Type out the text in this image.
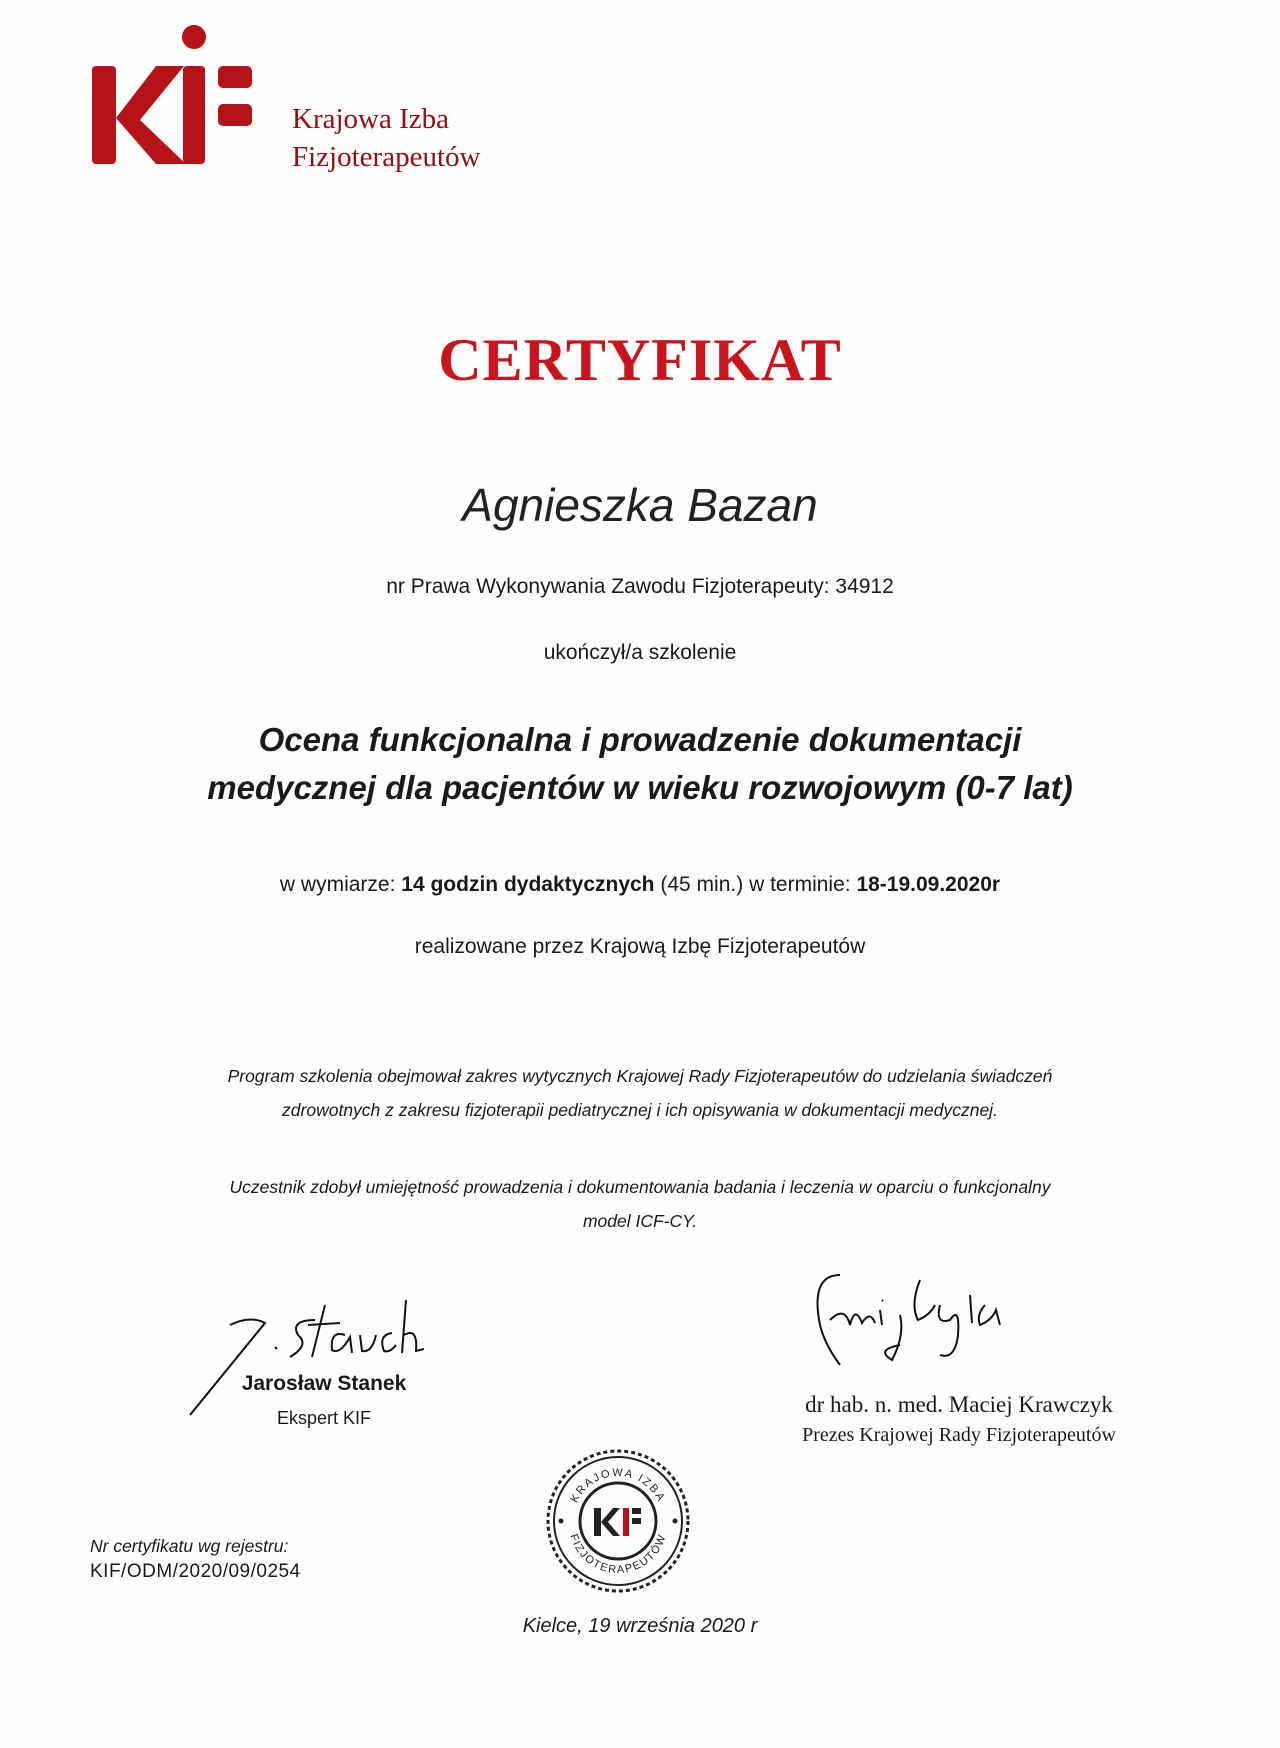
Krajowa Izba
Fizjoterapeutów
CERTYFIKAT
Agnieszka Bazan
nr Prawa Wykonywania Zawodu Fizjoterapeuty: 34912
ukończył/a szkolenie
Ocena funkcjonalna i prowadzenie dokumentacji
medycznej dla pacjentów w wieku rozwojowym (0-7 lat)
w wymiarze: 14 godzin dydaktycznych (45 min.) w terminie: 18-19.09.2020r
realizowane przez Krajową Izbę Fizjoterapeutów
Program szkolenia obejmował zakres wytycznych Krajowej Rady Fizjoterapeutów do udzielania świadczeń
zdrowotnych z zakresu fizjoterapii pediatrycznej i ich opisywania w dokumentacji medycznej.
Uczestnik zdobył umiejętność prowadzenia i dokumentowania badania i leczenia w oparciu o funkcjonalny
model ICF-CY.
Jarosław Stanek
Ekspert KIF
dr hab. n. med. Maciej Krawczyk
Prezes Krajowej Rady Fizjoterapeutów
KRAJOWA IZBA
FIZJOTERAPEUTÓW
Nr certyfikatu wg rejestru:
KIF/ODM/2020/09/0254
Kielce, 19 września 2020 r
